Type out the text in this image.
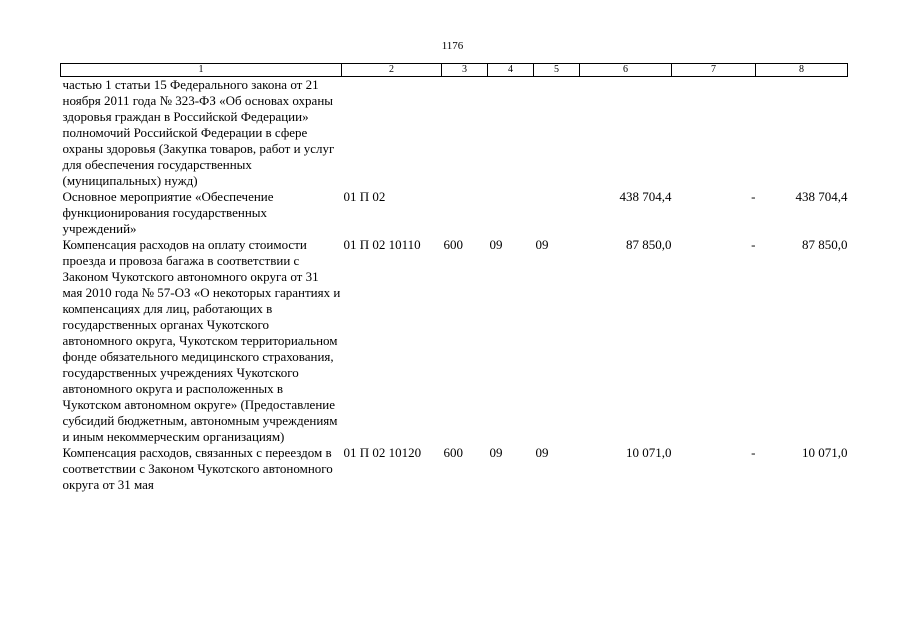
1176
1	2	3	4	5	6	7	8
частью 1 статьи 15 Федерального закона от 21 ноября 2011 года № 323-ФЗ «Об основах охраны здоровья граждан в Российской Федерации» полномочий Российской Федерации в сфере охраны здоровья (Закупка товаров, работ и услуг для обеспечения государственных (муниципальных) нужд)							
Основное мероприятие «Обеспечение функционирования государственных учреждений»	01 П 02				438 704,4	-	438 704,4
Компенсация расходов на оплату стоимости проезда и провоза багажа в соответствии с Законом Чукотского автономного округа от 31 мая 2010 года № 57-ОЗ «О некоторых гарантиях и компенсациях для лиц, работающих в государственных органах Чукотского автономного округа, Чукотском территориальном фонде обязательного медицинского страхования, государственных учреждениях Чукотского автономного округа и расположенных в Чукотском автономном округе» (Предоставление субсидий бюджетным, автономным учреждениям и иным некоммерческим организациям)	01 П 02 10110	600	09	09	87 850,0	-	87 850,0
Компенсация расходов, связанных с переездом в соответствии с Законом Чукотского автономного округа от 31 мая	01 П 02 10120	600	09	09	10 071,0	-	10 071,0
